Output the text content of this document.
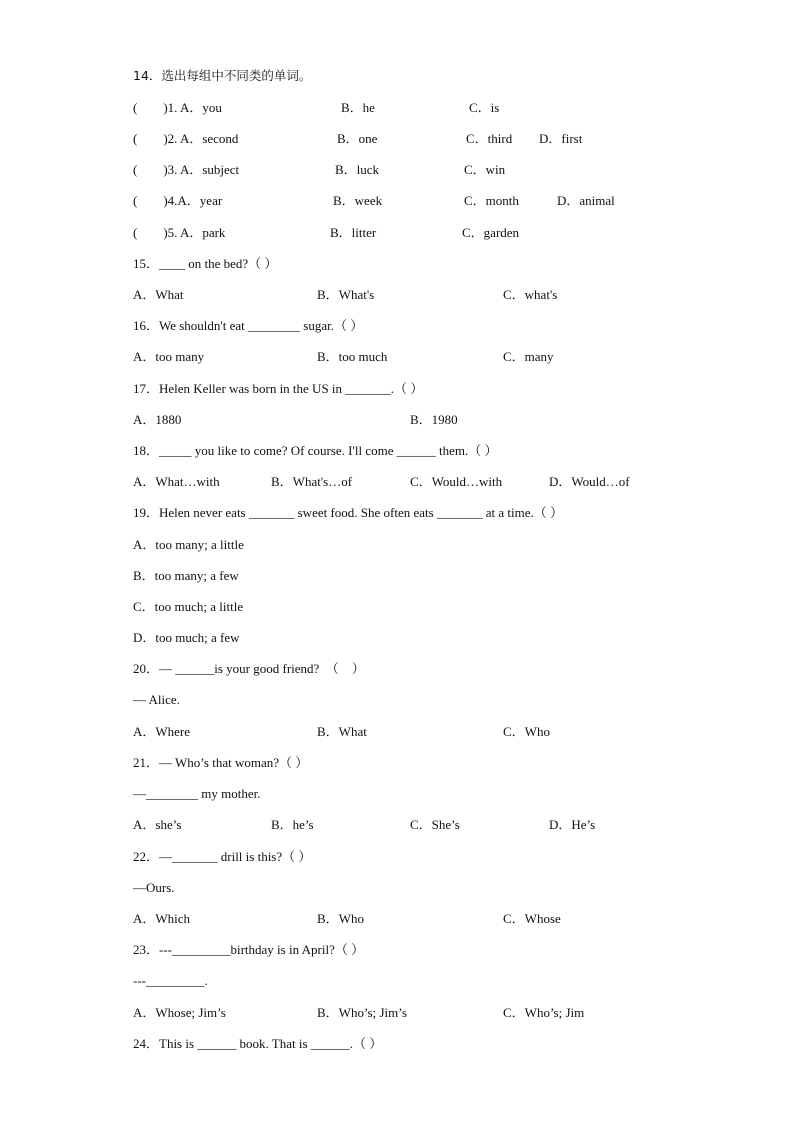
14．选出每组中不同类的单词。
(  )1. A．you	B．he	C．is
(  )2. A．second	B．one	C．third D．first
(  )3. A．subject	B．luck	C．win
(  )4.A．year	B．week	C．month	D．animal
(  )5. A．park	B．litter	C．garden
15．____ on the bed?（ ）
A．What	B．What's	C．what's
16．We shouldn't eat ________ sugar.（ ）
A．too many	B．too much	C．many
17．Helen Keller was born in the US in _______.（ ）
A．1880	B．1980
18．_____ you like to come? Of course. I'll come ______ them.（ ）
A．What…with	B．What's…of	C．Would…with	D．Would…of
19．Helen never eats _______ sweet food. She often eats _______ at a time.（ ）
A．too many; a little
B．too many; a few
C．too much; a little
D．too much; a few
20．— ______is your good friend?　（　）
— Alice.
A．Where	B．What	C．Who
21．— Who’s that woman?（ ）
—________ my mother.
A．she’s	B．he’s	C．She’s	D．He’s
22．—_______ drill is this?（ ）
—Ours.
A．Which	B．Who	C．Whose
23．---_________birthday is in April?（ ）
---_________.
A．Whose; Jim’s	B．Who’s; Jim’s	C．Who’s; Jim
24．This is ______ book. That is ______.（ ）
